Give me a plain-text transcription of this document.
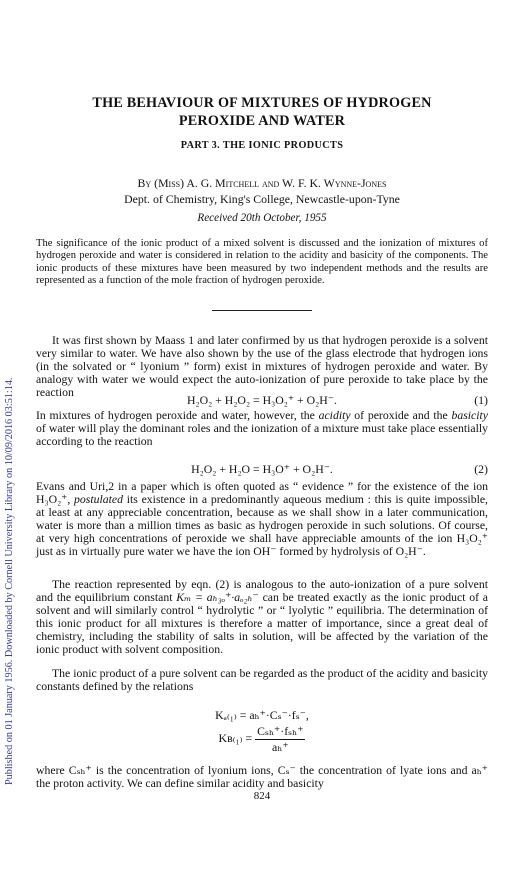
Published on 01 January 1956. Downloaded by Cornell University Library on 10/09/2016 03:51:14.
THE BEHAVIOUR OF MIXTURES OF HYDROGEN
PEROXIDE AND WATER
PART 3. THE IONIC PRODUCTS
By (Miss) A. G. Mitchell and W. F. K. Wynne-Jones
Dept. of Chemistry, King's College, Newcastle-upon-Tyne
Received 20th October, 1955
The significance of the ionic product of a mixed solvent is discussed and the ionization of mixtures of hydrogen peroxide and water is considered in relation to the acidity and basicity of the components. The ionic products of these mixtures have been measured by two independent methods and the results are represented as a function of the mole fraction of hydrogen peroxide.

It was first shown by Maass 1 and later confirmed by us that hydrogen peroxide is a solvent very similar to water. We have also shown by the use of the glass electrode that hydrogen ions (in the solvated or “ lyonium ” form) exist in mixtures of hydrogen peroxide and water. By analogy with water we would expect the auto-ionization of pure peroxide to take place by the reaction

H₂O₂ + H₂O₂ = H₃O₂⁺ + O₂H⁻.	(1)

In mixtures of hydrogen peroxide and water, however, the acidity of peroxide and the basicity of water will play the dominant roles and the ionization of a mixture must take place essentially according to the reaction

H₂O₂ + H₂O = H₃O⁺ + O₂H⁻.	(2)

Evans and Uri,2 in a paper which is often quoted as “ evidence ” for the existence of the ion H₃O₂⁺, postulated its existence in a predominantly aqueous medium : this is quite impossible, at least at any appreciable concentration, because as we shall show in a later communication, water is more than a million times as basic as hydrogen peroxide in such solutions. Of course, at very high concentrations of peroxide we shall have appreciable amounts of the ion H₃O₂⁺ just as in virtually pure water we have the ion OH⁻ formed by hydrolysis of O₂H⁻.

The reaction represented by eqn. (2) is analogous to the auto-ionization of a pure solvent and the equilibrium constant Kₘ = aₕ₃ₒ⁺·aₒ₂ₕ⁻ can be treated exactly as the ionic product of a solvent and will similarly control “ hydrolytic ” or “ lyolytic ” equilibria. The determination of this ionic product for all mixtures is therefore a matter of importance, since a great deal of chemistry, including the stability of salts in solution, will be affected by the variation of the ionic product with solvent composition.

The ionic product of a pure solvent can be regarded as the product of the acidity and basicity constants defined by the relations

Kₐ₍₁₎ = aₕ⁺·Cₛ⁻·fₛ⁻,
Kʙ₍₁₎ = $\frac{\text{Cₛₕ⁺·fₛₕ⁺}}{\text{aₕ⁺}}$

where Cₛₕ⁺ is the concentration of lyonium ions, Cₛ⁻ the concentration of lyate ions and aₕ⁺ the proton activity. We can define similar acidity and basicity

824
